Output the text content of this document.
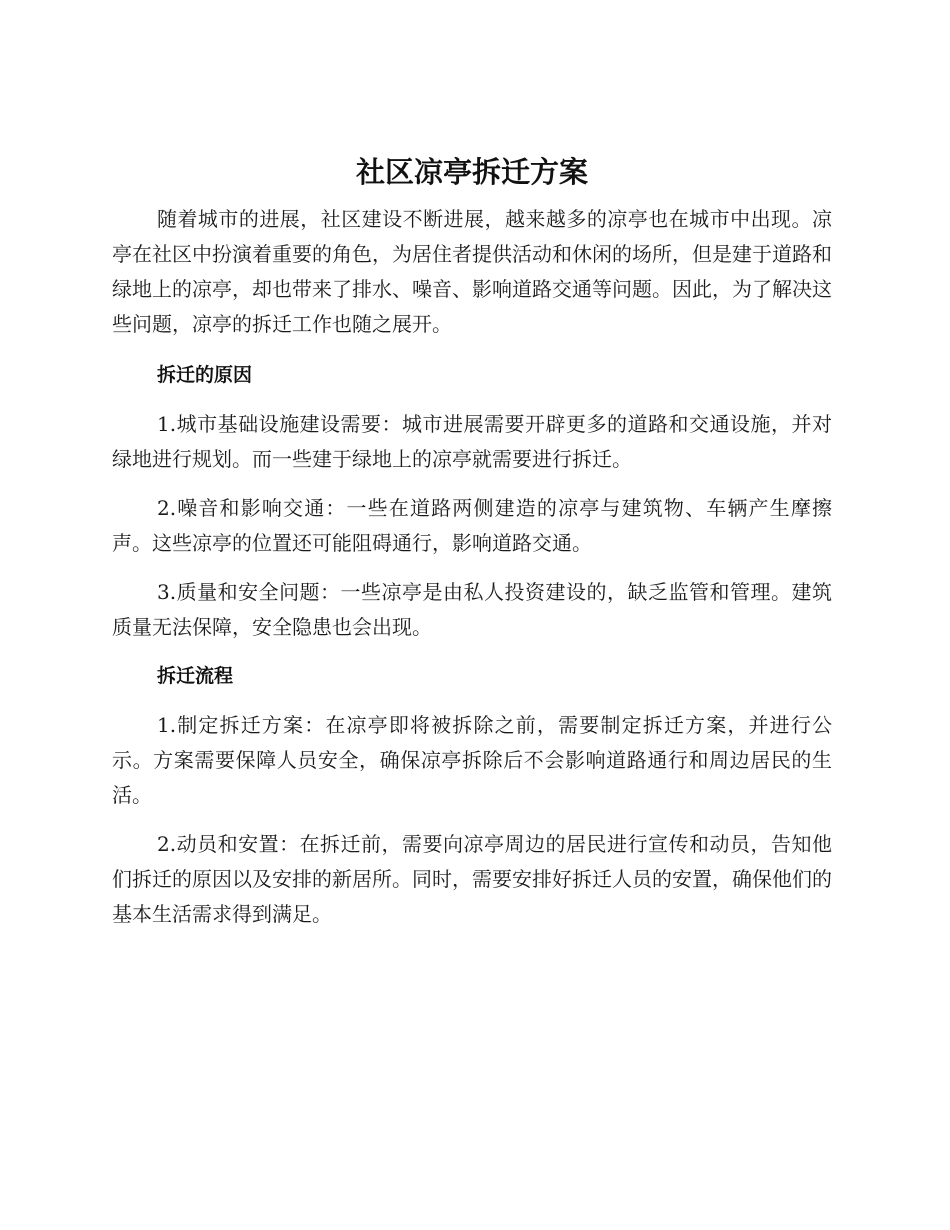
社区凉亭拆迁方案

随着城市的进展，社区建设不断进展，越来越多的凉亭也在城市中出现。凉亭在社区中扮演着重要的角色，为居住者提供活动和休闲的场所，但是建于道路和绿地上的凉亭，却也带来了排水、噪音、影响道路交通等问题。因此，为了解决这些问题，凉亭的拆迁工作也随之展开。

拆迁的原因

1.城市基础设施建设需要：城市进展需要开辟更多的道路和交通设施，并对绿地进行规划。而一些建于绿地上的凉亭就需要进行拆迁。

2.噪音和影响交通：一些在道路两侧建造的凉亭与建筑物、车辆产生摩擦声。这些凉亭的位置还可能阻碍通行，影响道路交通。

3.质量和安全问题：一些凉亭是由私人投资建设的，缺乏监管和管理。建筑质量无法保障，安全隐患也会出现。

拆迁流程

1.制定拆迁方案：在凉亭即将被拆除之前，需要制定拆迁方案，并进行公示。方案需要保障人员安全，确保凉亭拆除后不会影响道路通行和周边居民的生活。

2.动员和安置：在拆迁前，需要向凉亭周边的居民进行宣传和动员，告知他们拆迁的原因以及安排的新居所。同时，需要安排好拆迁人员的安置，确保他们的基本生活需求得到满足。
